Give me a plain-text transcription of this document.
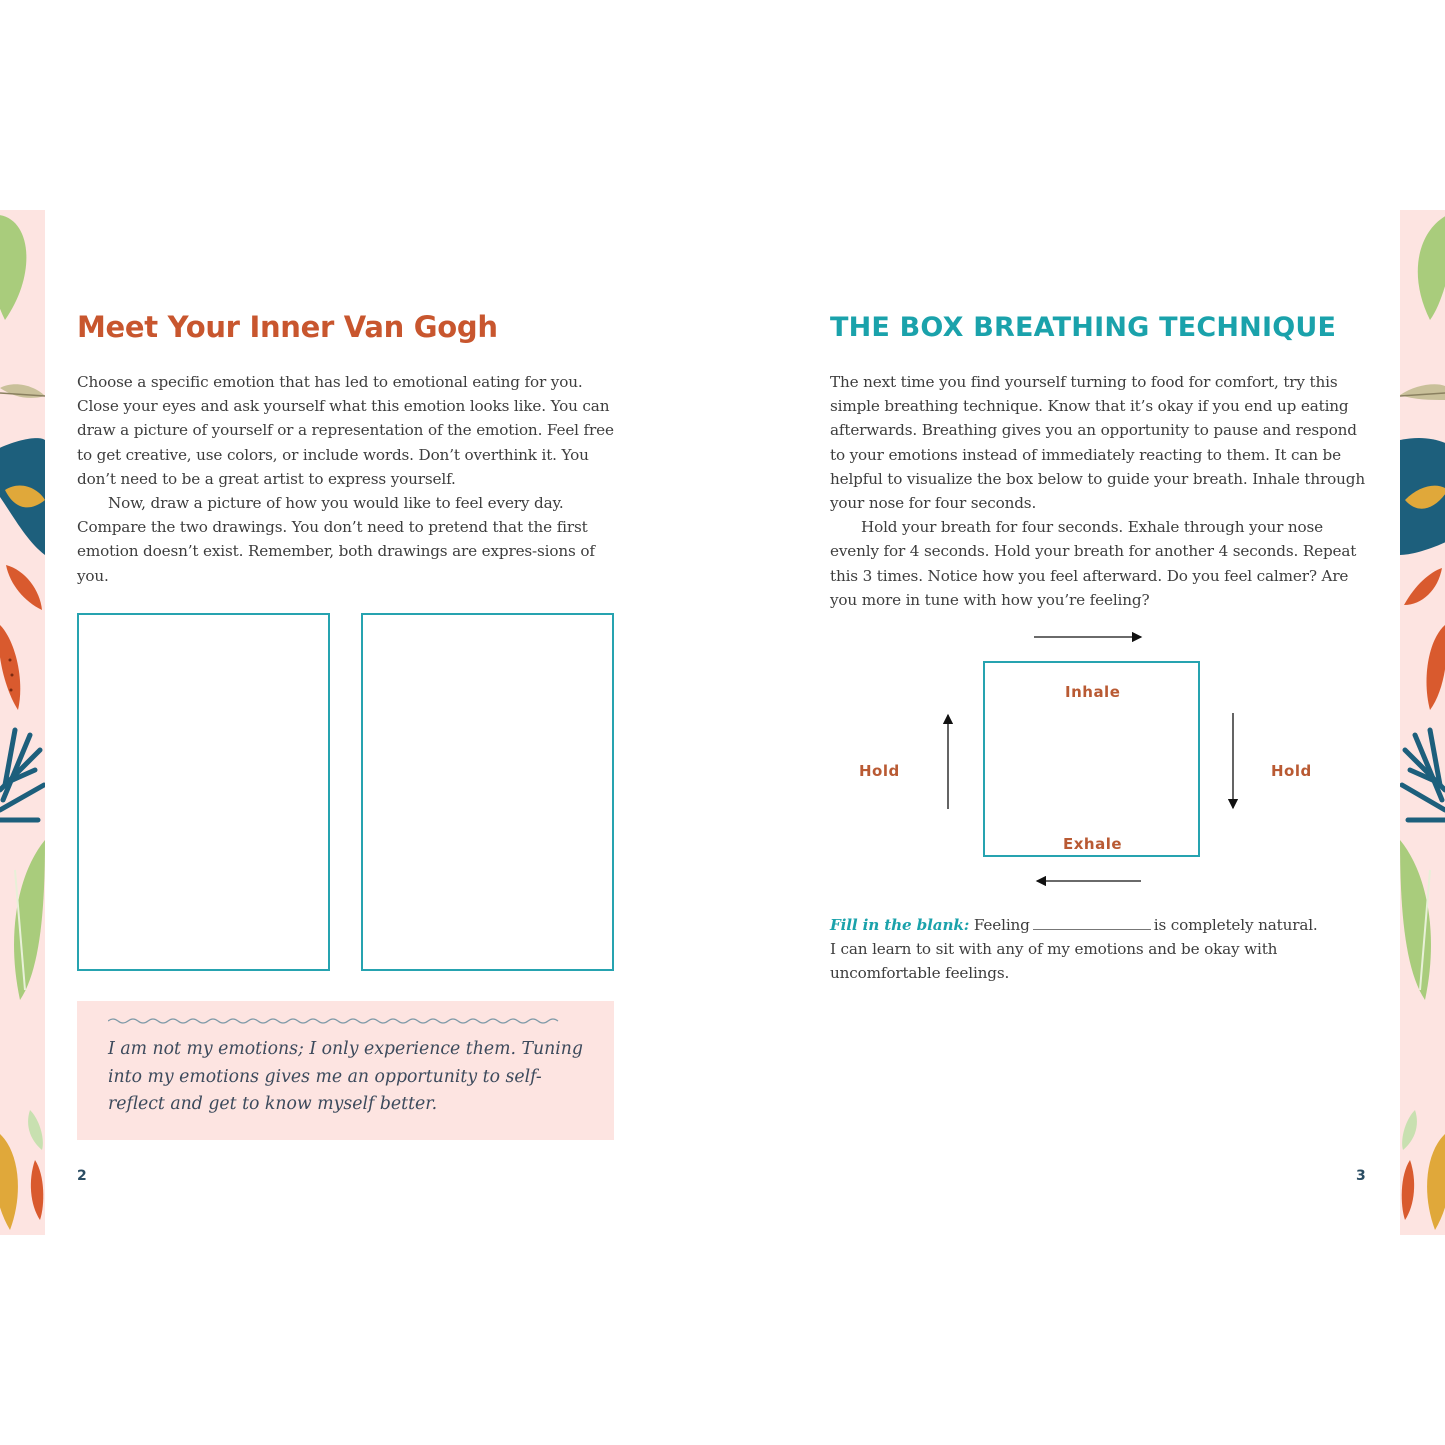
Meet Your Inner Van Gogh

Choose a specific emotion that has led to emotional eating for you. Close your eyes and ask yourself what this emotion looks like. You can draw a picture of yourself or a representation of the emotion. Feel free to get creative, use colors, or include words. Don’t overthink it. You don’t need to be a great artist to express yourself.

Now, draw a picture of how you would like to feel every day. Compare the two drawings. You don’t need to pretend that the first emotion doesn’t exist. Remember, both drawings are expres-sions of you.

I am not my emotions; I only experience them. Tuning into my emotions gives me an opportunity to self-reflect and get to know myself better.

2
THE BOX BREATHING TECHNIQUE

The next time you find yourself turning to food for comfort, try this simple breathing technique. Know that it’s okay if you end up eating afterwards. Breathing gives you an opportunity to pause and respond to your emotions instead of immediately reacting to them. It can be helpful to visualize the box below to guide your breath. Inhale through your nose for four seconds.

Hold your breath for four seconds. Exhale through your nose evenly for 4 seconds. Hold your breath for another 4 seconds. Repeat this 3 times. Notice how you feel afterward. Do you feel calmer? Are you more in tune with how you’re feeling?

Inhale
Exhale
Hold	Hold

Fill in the blank: Feeling	is completely natural.

I can learn to sit with any of my emotions and be okay with uncomfortable feelings.

3
